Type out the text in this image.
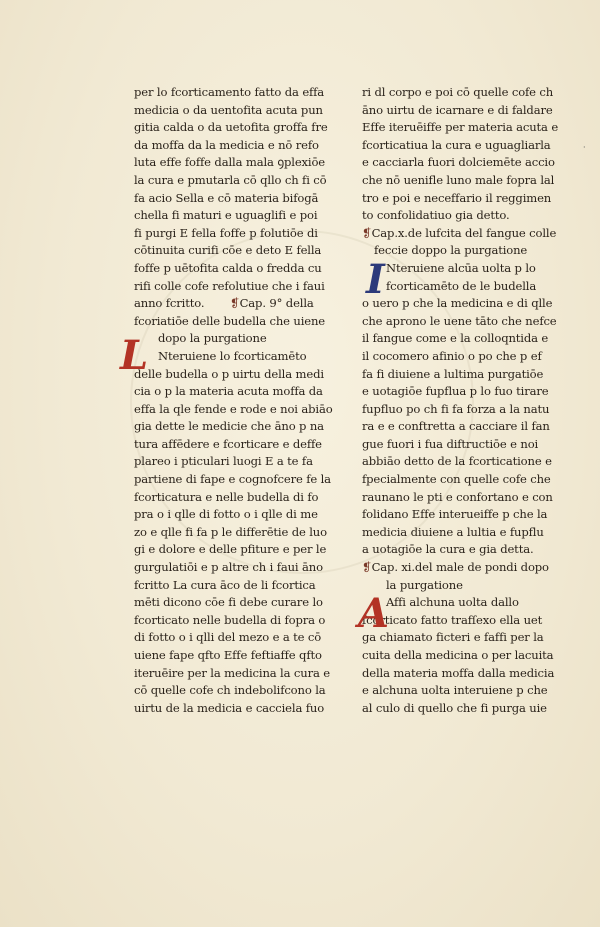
per lo fcorticamento fatto da effa
medicia o da uentofita acuta pun
gitia calda o da uetofita groffa fre
da moffa da la medicia e nō refo
luta effe foffe dalla mala ꝯplexiōe
la cura e pmutarla cō qllo ch fi cō
fa acio Sella e cō materia bifogā
chella fi maturi e uguaglifi e poi
fi purgi E fella foffe p folutiōe di
cōtinuita curifi cōe e deto E fella
foffe p uētofita calda o fredda cu
rifi colle cofe refolutiue che i faui
anno fcritto.	❡Cap. 9° della
fcoriatiōe delle budella che uiene
dopo la purgatione
Nteruiene lo fcorticamēto
delle budella o p uirtu della medi
cia o p la materia acuta moffa da
effa la qle fende e rode e noi abiāo
gia dette le medicie che āno p na
tura affēdere e fcorticare e deffe
plareo i pticulari luogi E a te fa
partiene di fape e cognofcere fe la
fcorticatura e nelle budella di fo
pra o i qlle di fotto o i qlle di me
zo e qlle fi fa p le differētie de luo
gi e dolore e delle pfiture e per le
gurgulatiōi e p altre ch i faui āno
fcritto La cura āco de li fcortica
mēti dicono cōe fi debe curare lo
fcorticato nelle budella di fopra o
di fotto o i qlli del mezo e a te cō
uiene fape qfto Effe feftiaffe qfto
iteruēire per la medicina la cura e
cō quelle cofe ch indebolifcono la
uirtu de la medicia e cacciela fuo
L
ri dl corpo e poi cō quelle cofe ch
āno uirtu de icarnare e di faldare
Effe iteruēiffe per materia acuta e
fcorticatiua la cura e uguagliarla
e cacciarla fuori dolciemēte accio
che nō uenifle luno male fopra lal
tro e poi e neceffario il reggimen
to confolidatiuo gia detto.
❡Cap.x.de lufcita del fangue colle
feccie doppo la purgatione
Nteruiene alcūa uolta p lo
fcorticamēto de le budella
o uero p che la medicina e di qlle
che aprono le uene tāto che nefce
il fangue come e la colloqntida e
il cocomero afinio o po che p ef
fa fi diuiene a lultima purgatiōe
e uotagiōe fupflua p lo fuo tirare
fupfluo po ch fi fa forza a la natu
ra e e conftretta a cacciare il fan
gue fuori i fua diftructiōe e noi
abbiāo detto de la fcorticatione e
fpecialmente con quelle cofe che
raunano le pti e confortano e con
folidano Effe interueiffe p che la
medicia diuiene a lultia e fupflu
a uotagiōe la cura e gia detta.
❡Cap. xi.del male de pondi dopo
la purgatione
Affi alchuna uolta dallo
fcorticato fatto trafſexo ella uet
ga chiamato ficteri e faffi per la
cuita della medicina o per lacuita
della materia moffa dalla medicia
e alchuna uolta interuiene p che
al culo di quello che fi purga uie
I
A
·
